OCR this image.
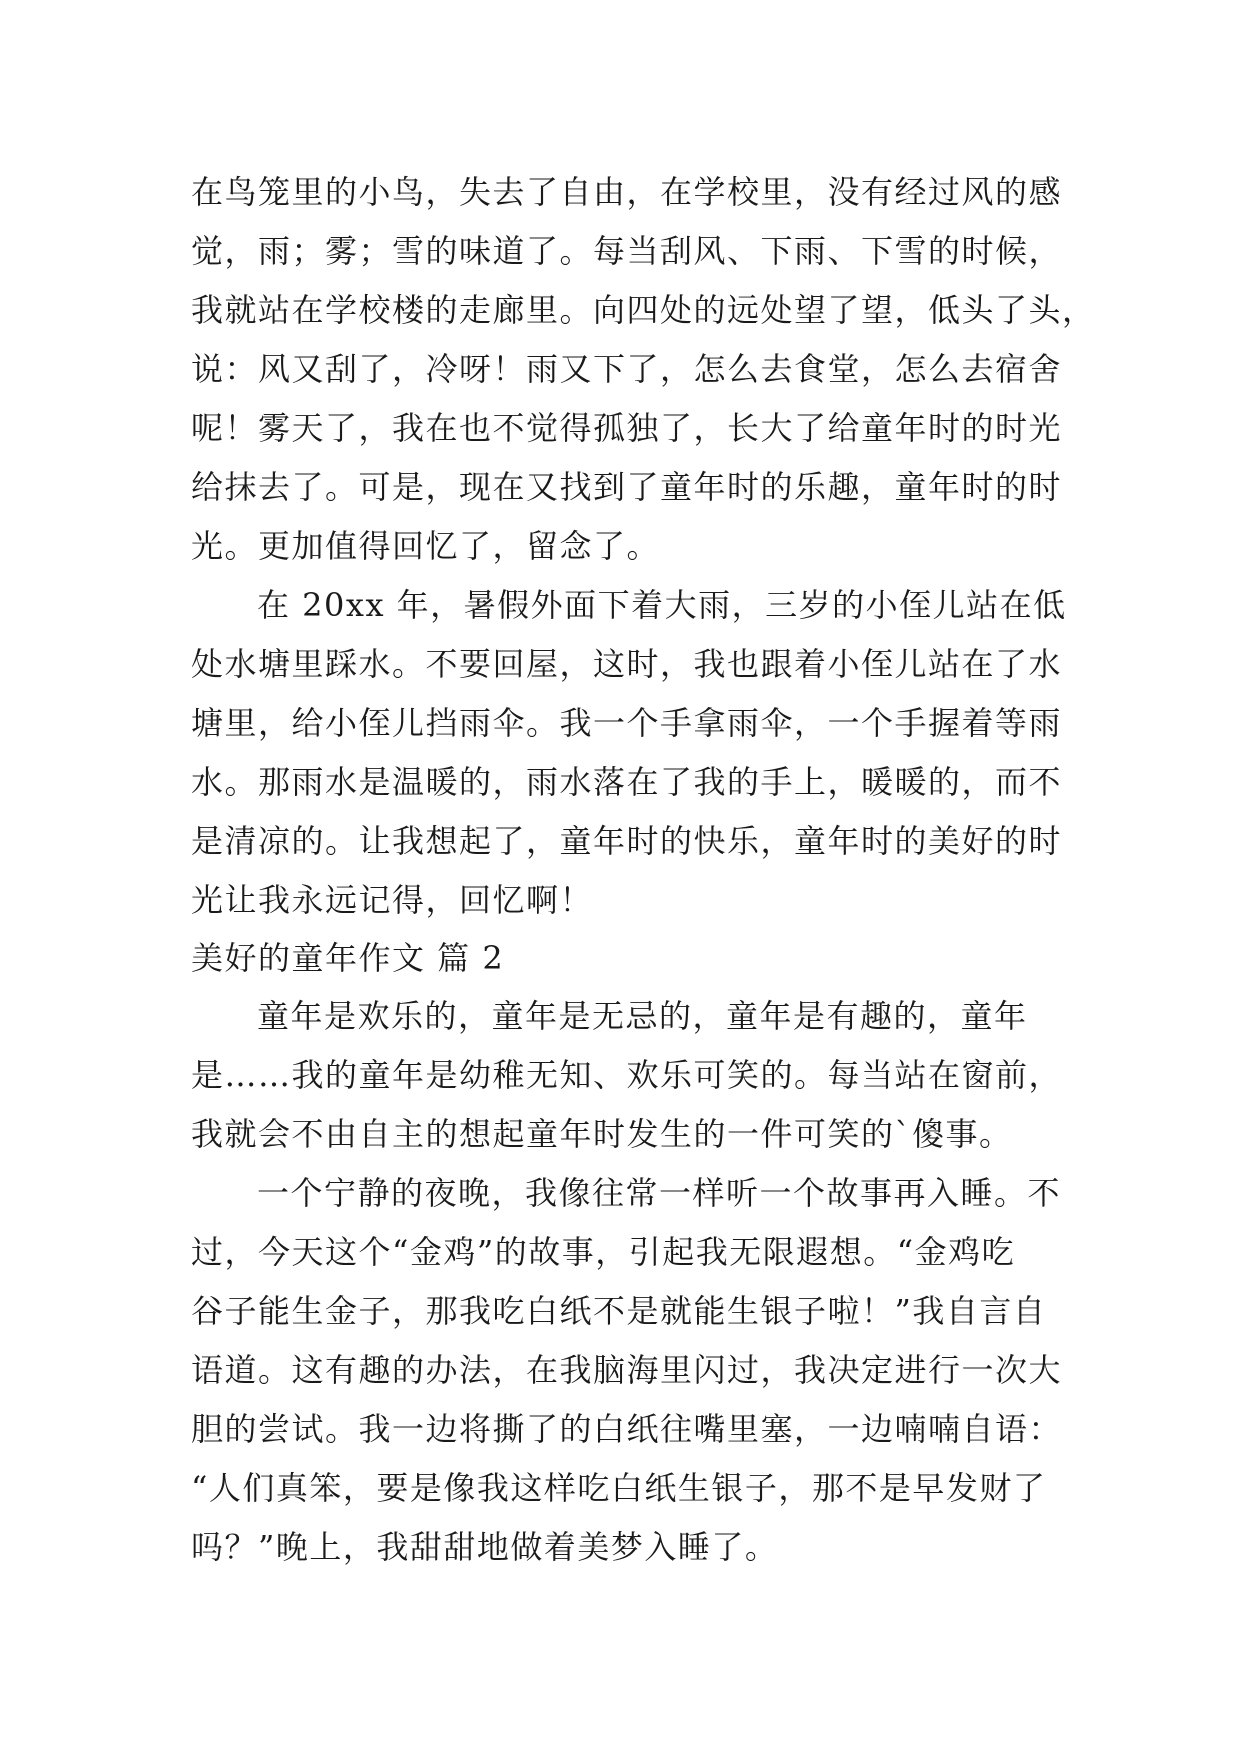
在鸟笼里的小鸟，失去了自由，在学校里，没有经过风的感
觉，雨；雾；雪的味道了。每当刮风、下雨、下雪的时候，
我就站在学校楼的走廊里。向四处的远处望了望，低头了头，
说：风又刮了，冷呀！雨又下了，怎么去食堂，怎么去宿舍
呢！雾天了，我在也不觉得孤独了，长大了给童年时的时光
给抹去了。可是，现在又找到了童年时的乐趣，童年时的时
光。更加值得回忆了，留念了。
在 20xx 年，暑假外面下着大雨，三岁的小侄儿站在低
处水塘里踩水。不要回屋，这时，我也跟着小侄儿站在了水
塘里，给小侄儿挡雨伞。我一个手拿雨伞，一个手握着等雨
水。那雨水是温暖的，雨水落在了我的手上，暖暖的，而不
是清凉的。让我想起了，童年时的快乐，童年时的美好的时
光让我永远记得，回忆啊！
美好的童年作文 篇 2
童年是欢乐的，童年是无忌的，童年是有趣的，童年
是……我的童年是幼稚无知、欢乐可笑的。每当站在窗前，
我就会不由自主的想起童年时发生的一件可笑的`傻事。
一个宁静的夜晚，我像往常一样听一个故事再入睡。不
过，今天这个“金鸡”的故事，引起我无限遐想。“金鸡吃
谷子能生金子，那我吃白纸不是就能生银子啦！”我自言自
语道。这有趣的办法，在我脑海里闪过，我决定进行一次大
胆的尝试。我一边将撕了的白纸往嘴里塞，一边喃喃自语：
“人们真笨，要是像我这样吃白纸生银子，那不是早发财了
吗？”晚上，我甜甜地做着美梦入睡了。
